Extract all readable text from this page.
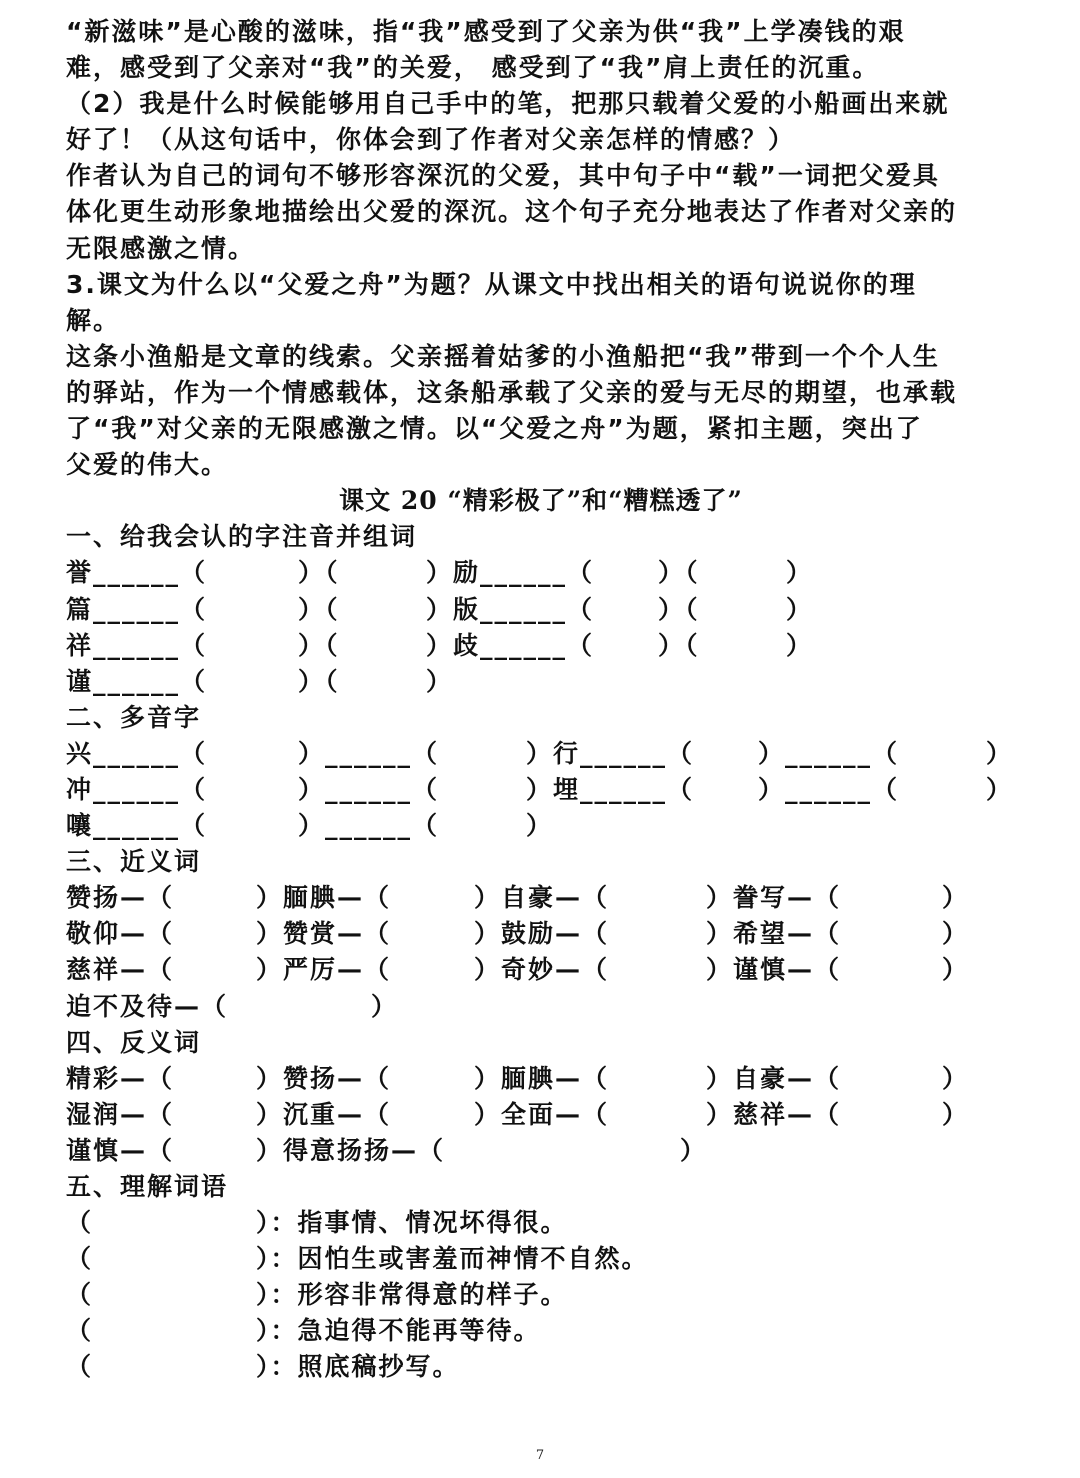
“新滋味”是心酸的滋味，指“我”感受到了父亲为供“我”上学凑钱的艰
难，感受到了父亲对“我”的关爱， 感受到了“我”肩上责任的沉重。
（2）我是什么时候能够用自己手中的笔，把那只载着父爱的小船画出来就
好了！（从这句话中，你体会到了作者对父亲怎样的情感？）
作者认为自己的词句不够形容深沉的父爱，其中句子中“载”一词把父爱具
体化更生动形象地描绘出父爱的深沉。这个句子充分地表达了作者对父亲的
无限感激之情。
3.课文为什么以“父爱之舟”为题？从课文中找出相关的语句说说你的理
解。
这条小渔船是文章的线索。父亲摇着姑爹的小渔船把“我”带到一个个人生
的驿站，作为一个情感载体，这条船承载了父亲的爱与无尽的期望，也承载
了“我”对父亲的无限感激之情。以“父爱之舟”为题，紧扣主题，突出了
父爱的伟大。
课文 20 “精彩极了”和“糟糕透了”
一、给我会认的字注音并组词
誉______（	）（	）励______（	）（	）
篇______（	）（	）版______（	）（	）
祥______（	）（	）歧______（	）（	）
谨______（	）（	）
二、多音字
兴______（	）______（	）行______（	）______（	）
冲______（	）______（	）埋______（	）______（	）
嚷______（	）______（	）
三、近义词
赞扬—（	）腼腆—（	）自豪—（	）誊写—（	）
敬仰—（	）赞赏—（	）鼓励—（	）希望—（	）
慈祥—（	）严厉—（	）奇妙—（	）谨慎—（	）
迫不及待—（	）
四、反义词
精彩—（	）赞扬—（	）腼腆—（	）自豪—（	）
湿润—（	）沉重—（	）全面—（	）慈祥—（	）
谨慎—（	）得意扬扬—（	）
五、理解词语
（	）：指事情、情况坏得很。
（	）：因怕生或害羞而神情不自然。
（	）：形容非常得意的样子。
（	）：急迫得不能再等待。
（	）：照底稿抄写。
7
